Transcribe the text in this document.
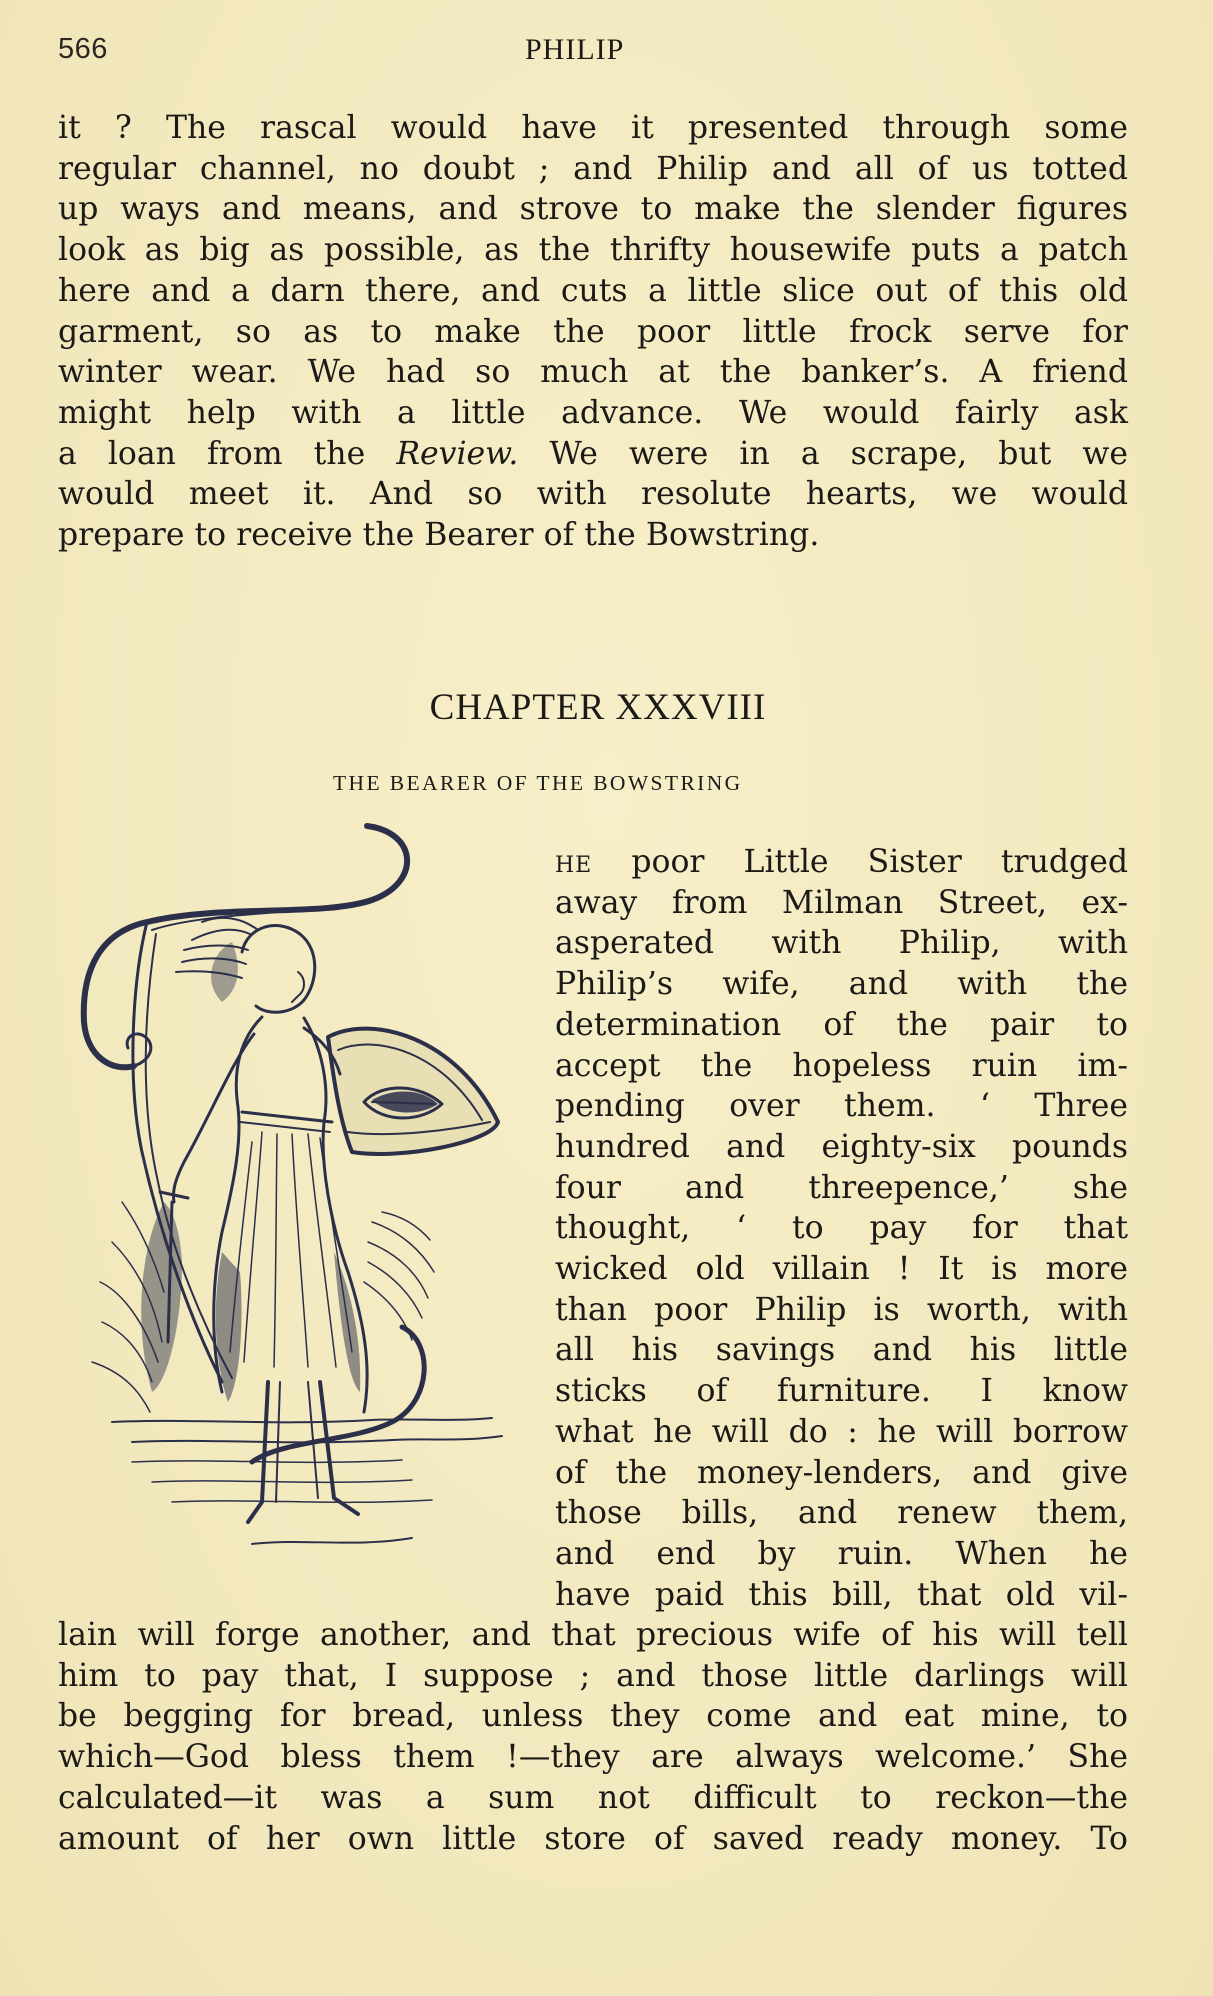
566	PHILIP
it ? The rascal would have it presented through some
regular channel, no doubt ; and Philip and all of us totted
up ways and means, and strove to make the slender figures
look as big as possible, as the thrifty housewife puts a patch
here and a darn there, and cuts a little slice out of this old
garment, so as to make the poor little frock serve for
winter wear. We had so much at the banker’s. A friend
might help with a little advance. We would fairly ask
a loan from the Review. We were in a scrape, but we
would meet it. And so with resolute hearts, we would
prepare to receive the Bearer of the Bowstring.
CHAPTER XXXVIII
THE BEARER OF THE BOWSTRING
he poor Little Sister trudged
away from Milman Street, ex-
asperated with Philip, with
Philip’s wife, and with the
determination of the pair to
accept the hopeless ruin im-
pending over them. ‘ Three
hundred and eighty-six pounds
four and threepence,’ she
thought, ‘ to pay for that
wicked old villain ! It is more
than poor Philip is worth, with
all his savings and his little
sticks of furniture. I know
what he will do : he will borrow
of the money-lenders, and give
those bills, and renew them,
and end by ruin. When he
have paid this bill, that old vil-
lain will forge another, and that precious wife of his will tell
him to pay that, I suppose ; and those little darlings will
be begging for bread, unless they come and eat mine, to
which—God bless them !—they are always welcome.’ She
calculated—it was a sum not difficult to reckon—the
amount of her own little store of saved ready money. To
